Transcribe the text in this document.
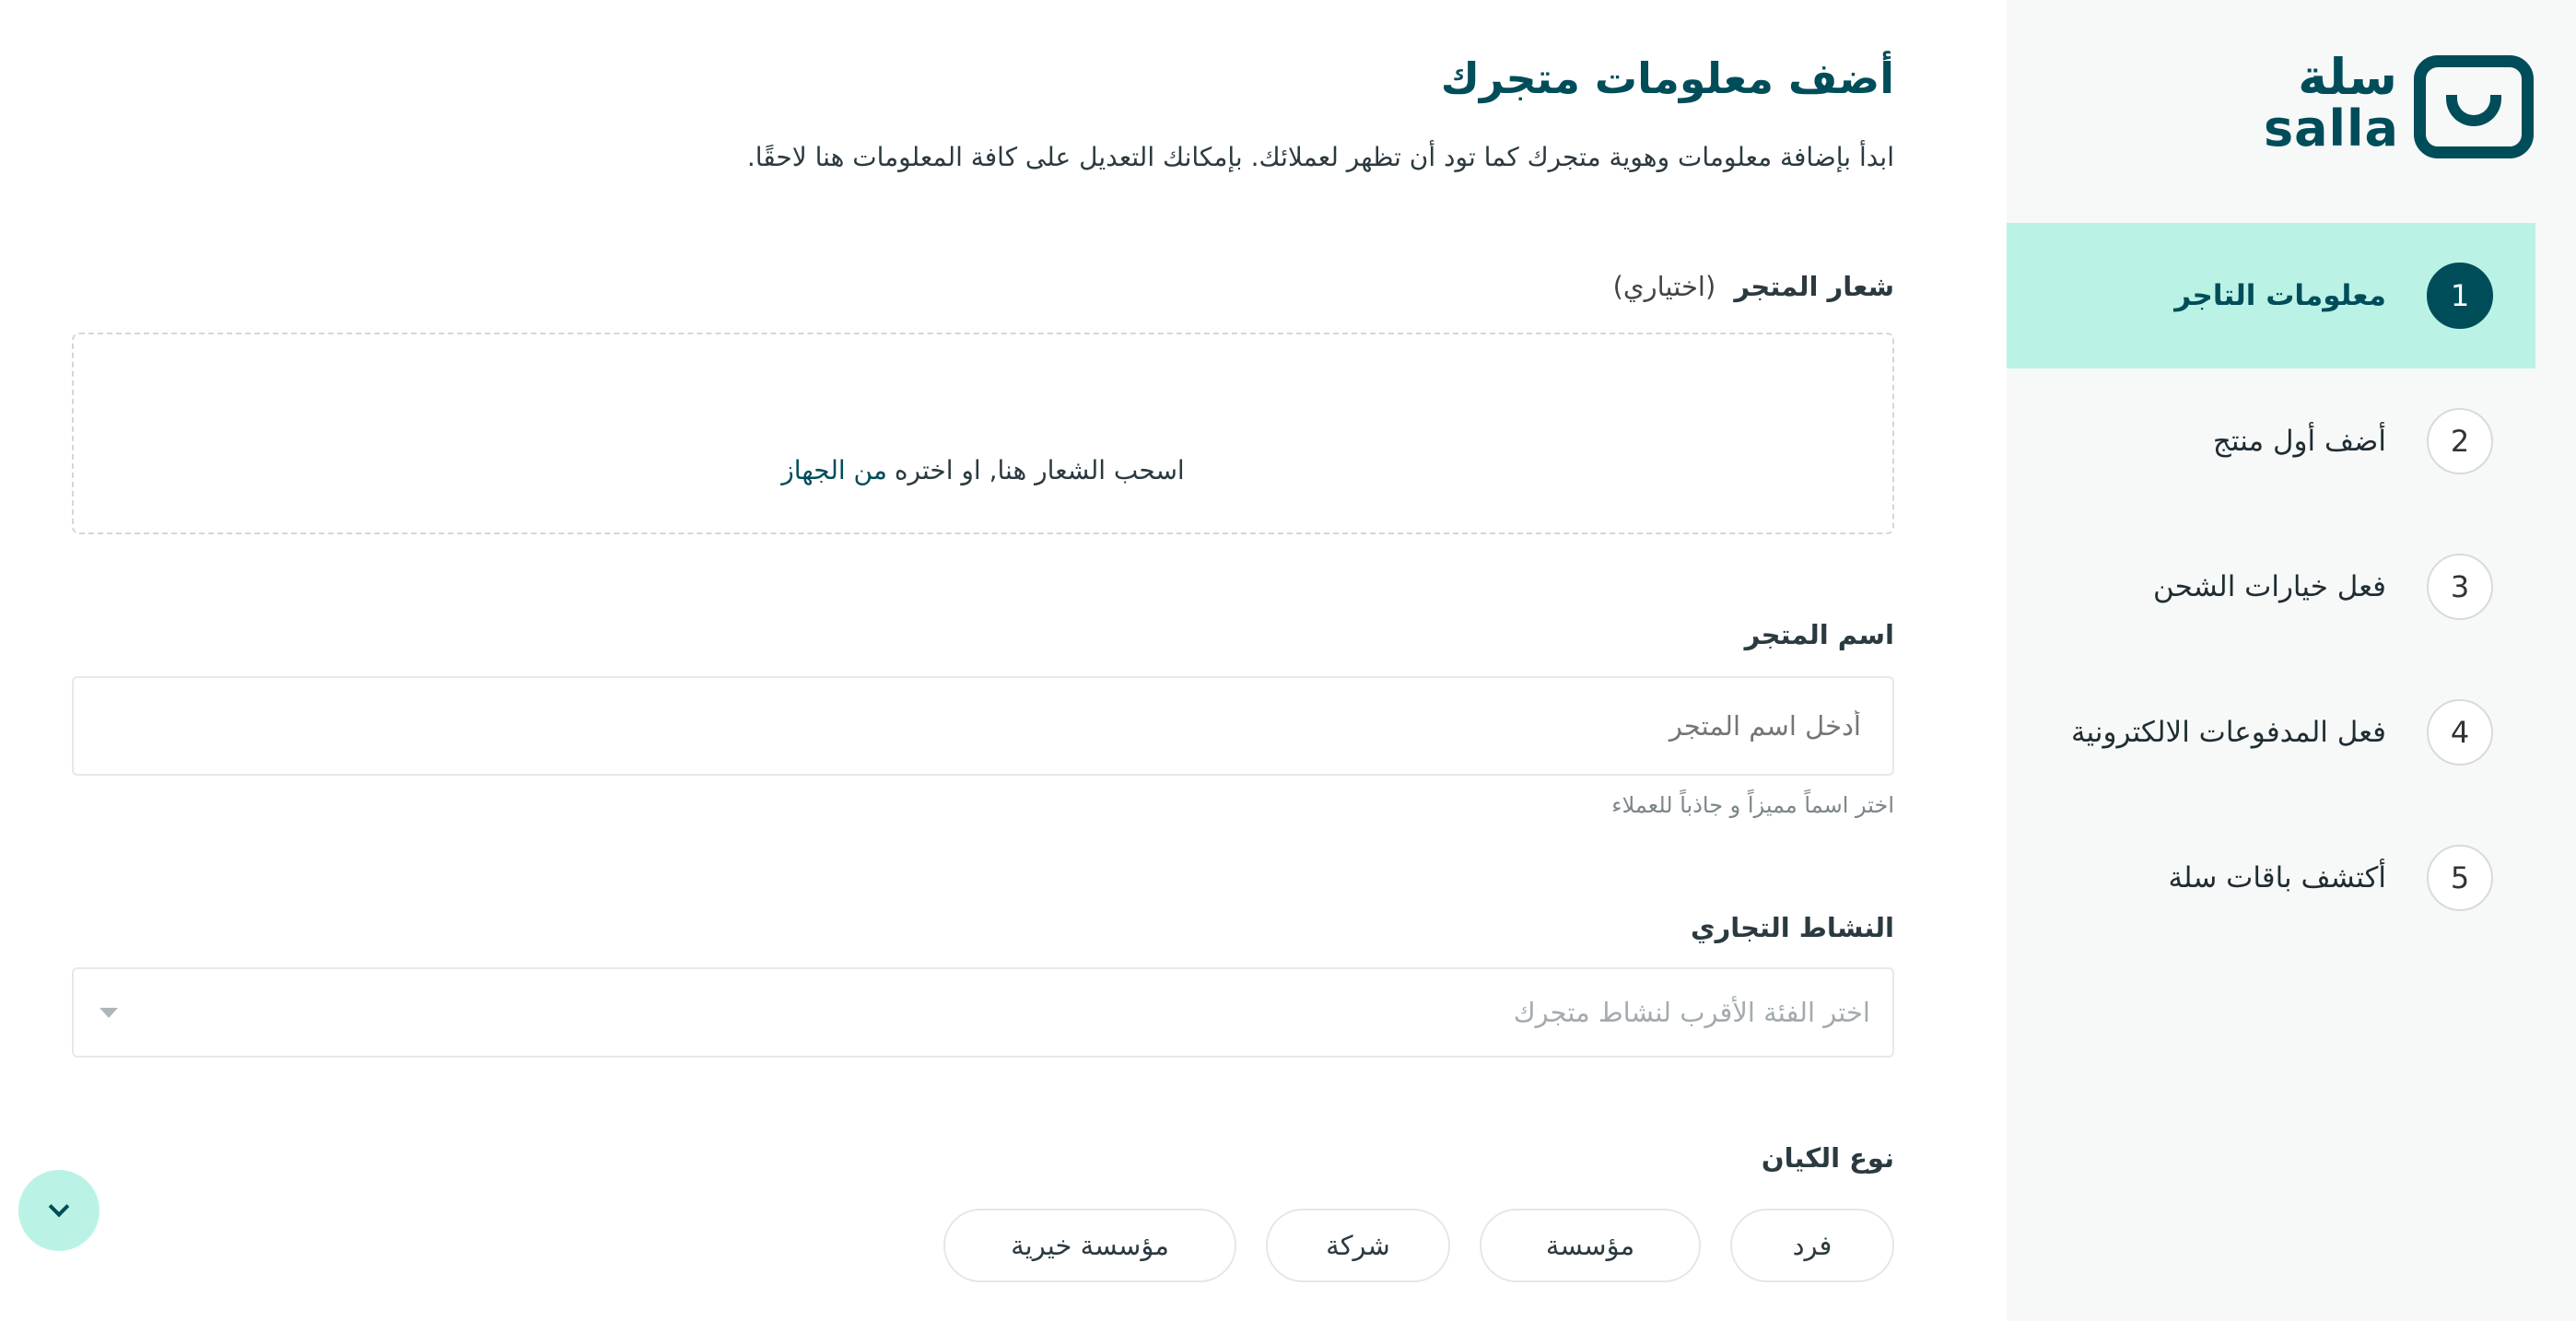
أضف معلومات متجرك

ابدأ بإضافة معلومات وهوية متجرك كما تود أن تظهر لعملائك. بإمكانك التعديل على كافة المعلومات هنا لاحقًا.

شعار المتجر (اختياري)
اسحب الشعار هنا, او اختره
من الجهاز
اسم المتجر
أدخل اسم المتجر
اختر اسماً مميزاً و جاذباً للعملاء
النشاط التجاري
اختر الفئة الأقرب لنشاط متجرك
نوع الكيان
فرد
مؤسسة
شركة
مؤسسة خيرية
سلة
salla
1
معلومات التاجر
2
أضف أول منتج
3
فعل خيارات الشحن
4
فعل المدفوعات الالكترونية
5
أكتشف باقات سلة
